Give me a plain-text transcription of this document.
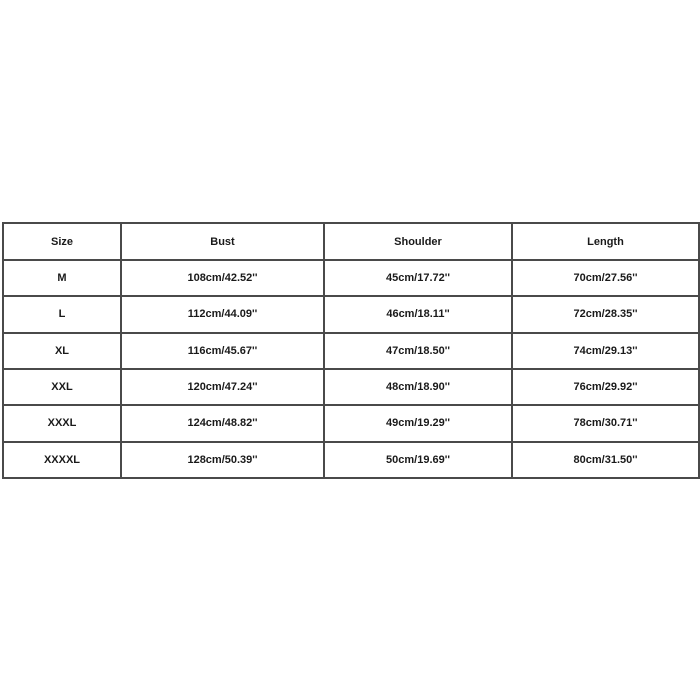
Size	Bust	Shoulder	Length
M	108cm/42.52''	45cm/17.72''	70cm/27.56''
L	112cm/44.09''	46cm/18.11''	72cm/28.35''
XL	116cm/45.67''	47cm/18.50''	74cm/29.13''
XXL	120cm/47.24''	48cm/18.90''	76cm/29.92''
XXXL	124cm/48.82''	49cm/19.29''	78cm/30.71''
XXXXL	128cm/50.39''	50cm/19.69''	80cm/31.50''
